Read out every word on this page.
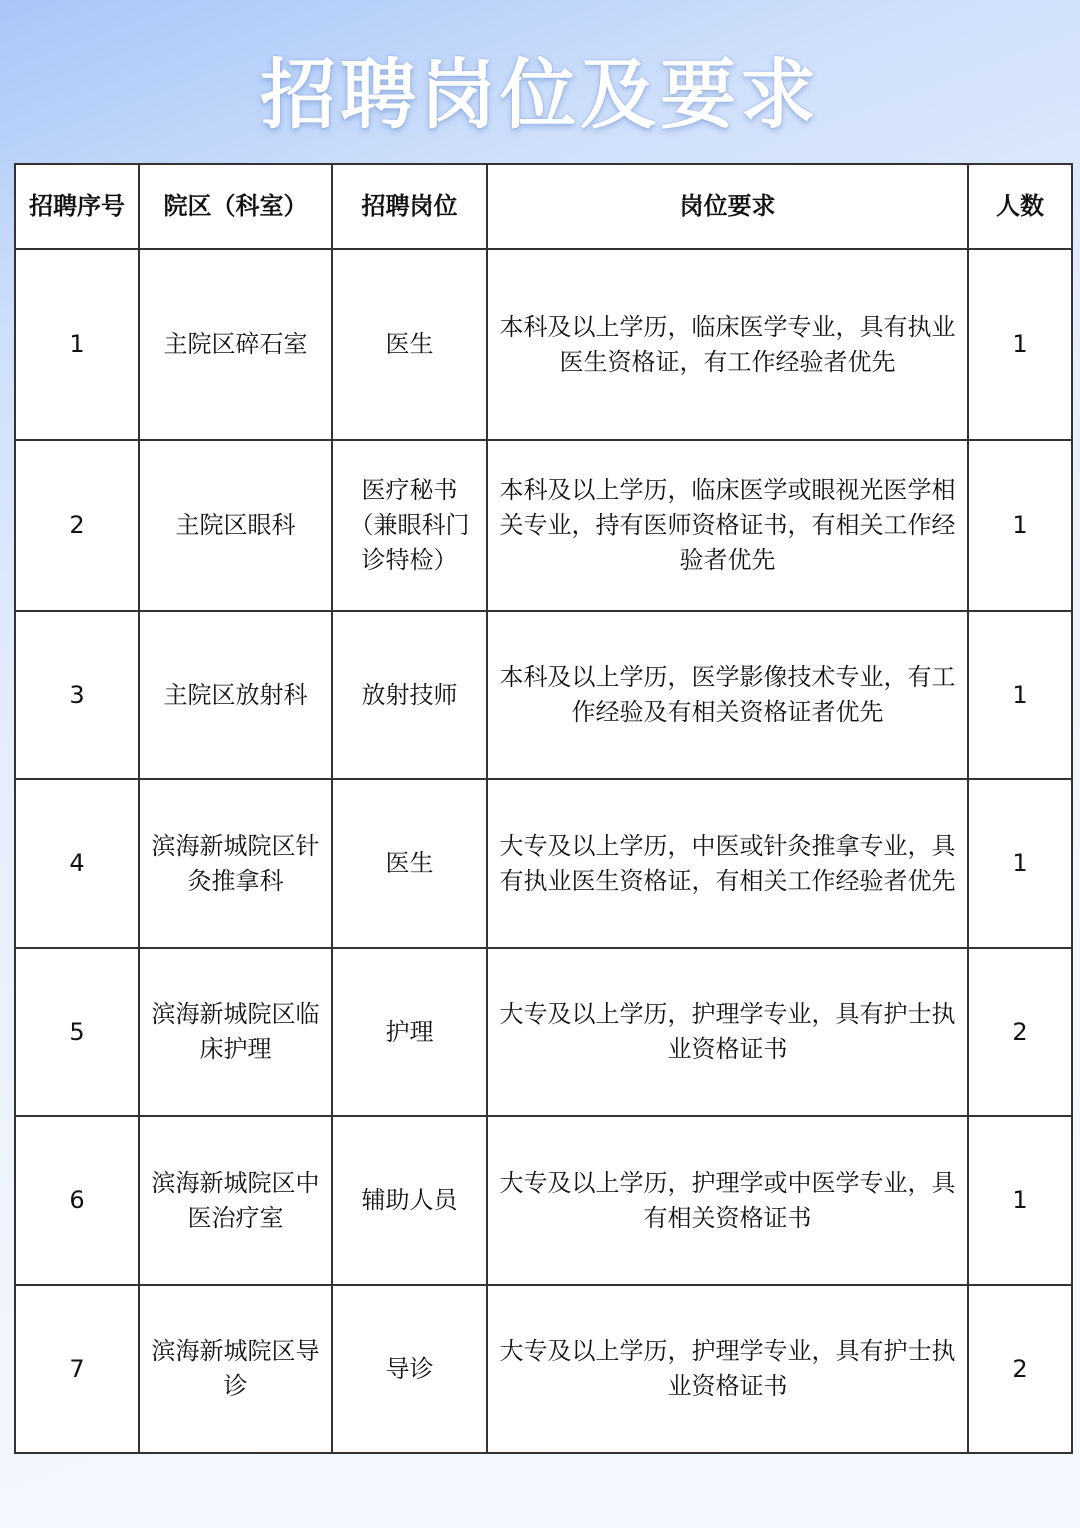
招聘岗位及要求
招聘序号	院区（科室）	招聘岗位	岗位要求	人数
1	主院区碎石室	医生	本科及以上学历，临床医学专业，具有执业医生资格证，有工作经验者优先	1
2	主院区眼科	医疗秘书（兼眼科门诊特检）	本科及以上学历，临床医学或眼视光医学相关专业，持有医师资格证书，有相关工作经验者优先	1
3	主院区放射科	放射技师	本科及以上学历，医学影像技术专业，有工作经验及有相关资格证者优先	1
4	滨海新城院区针灸推拿科	医生	大专及以上学历，中医或针灸推拿专业，具有执业医生资格证，有相关工作经验者优先	1
5	滨海新城院区临床护理	护理	大专及以上学历，护理学专业，具有护士执业资格证书	2
6	滨海新城院区中医治疗室	辅助人员	大专及以上学历，护理学或中医学专业，具有相关资格证书	1
7	滨海新城院区导诊	导诊	大专及以上学历，护理学专业，具有护士执业资格证书	2
